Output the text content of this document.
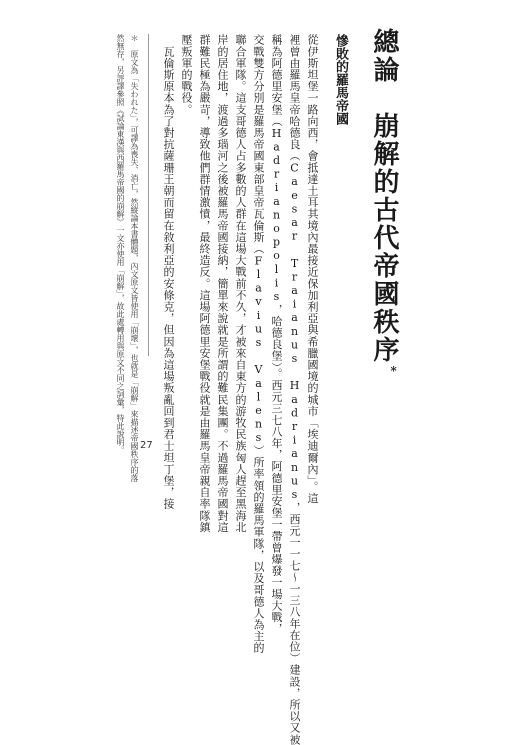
總論　崩解的古代帝國秩序*
慘敗的羅馬帝國
從伊斯坦堡一路向西，會抵達土耳其境內最接近保加利亞與希臘國境的城市「埃迪爾內」。這
裡曾由羅馬皇帝哈德良（Caesar Traianus Hadrianus，西元一一七～一三八年在位）建設，所以又被
稱為阿德里安堡（Hadrianopolis，哈德良堡）。西元三七八年，阿德里安堡一帶曾爆發一場大戰，
交戰雙方分別是羅馬帝國東部皇帝瓦倫斯（Flavius Valens）所率領的羅馬軍隊，以及哥德人為主的
聯合軍隊。這支哥德人占多數的人群在這場大戰前不久，才被來自東方的游牧民族匈人趕至黑海北
岸的居住地，渡過多瑙河之後被羅馬帝國接納，簡單來說就是所謂的難民集團。不過羅馬帝國對這
群難民極為嚴苛，導致他們群情激憤，最終造反。這場阿德里安堡戰役就是由羅馬皇帝親自率隊鎮
壓叛軍的戰役。
　瓦倫斯原本為了對抗薩珊王朝而留在敘利亞的安條克，但因為這場叛亂回到君士坦丁堡，接
＊　原文為「失われた」，可譯為喪失、消亡，然縱論本書體題，內文原文皆使用「崩壞」，也就是「崩解」來描述帝國秩序的落
然無存，另評譯參照《試論東漢與西羅馬帝國的崩解》一文亦使用「崩解」，故此處轉用與原文不同之詞彙，特此說明。 27
